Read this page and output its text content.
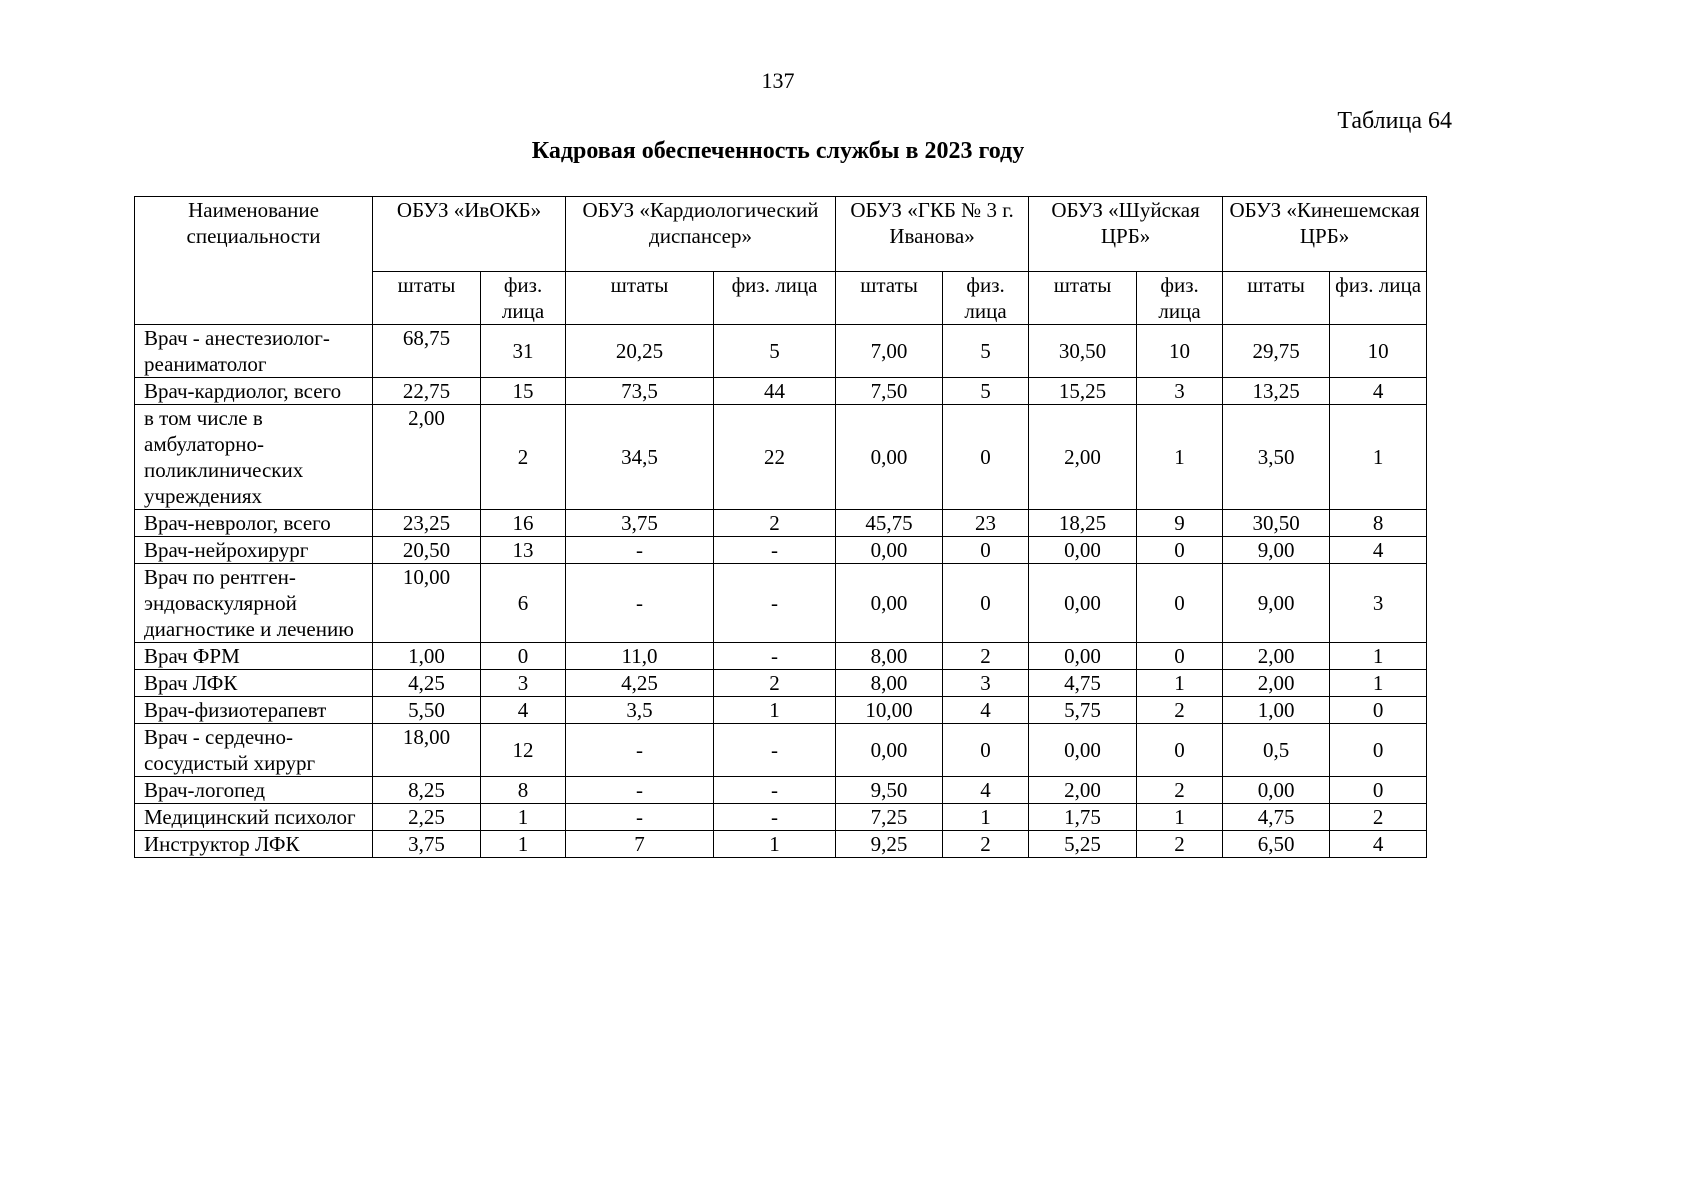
137
Таблица 64
Кадровая обеспеченность службы в 2023 году
Наименование специальности	ОБУЗ «ИвОКБ»		ОБУЗ «Кардиологический диспансер»		ОБУЗ «ГКБ № 3 г. Иванова»		ОБУЗ «Шуйская ЦРБ»		ОБУЗ «Кинешемская ЦРБ»	
	штаты	физ. лица	штаты	физ. лица	штаты	физ. лица	штаты	физ. лица	штаты	физ. лица
Врач - анестезиолог-реаниматолог	68,75	31	20,25	5	7,00	5	30,50	10	29,75	10
Врач-кардиолог, всего	22,75	15	73,5	44	7,50	5	15,25	3	13,25	4
в том числе в амбулаторно-поликлинических учреждениях	2,00	2	34,5	22	0,00	0	2,00	1	3,50	1
Врач-невролог, всего	23,25	16	3,75	2	45,75	23	18,25	9	30,50	8
Врач-нейрохирург	20,50	13	-	-	0,00	0	0,00	0	9,00	4
Врач по рентген-эндоваскулярной диагностике и лечению	10,00	6	-	-	0,00	0	0,00	0	9,00	3
Врач ФРМ	1,00	0	11,0	-	8,00	2	0,00	0	2,00	1
Врач ЛФК	4,25	3	4,25	2	8,00	3	4,75	1	2,00	1
Врач-физиотерапевт	5,50	4	3,5	1	10,00	4	5,75	2	1,00	0
Врач - сердечно-сосудистый хирург	18,00	12	-	-	0,00	0	0,00	0	0,5	0
Врач-логопед	8,25	8	-	-	9,50	4	2,00	2	0,00	0
Медицинский психолог	2,25	1	-	-	7,25	1	1,75	1	4,75	2
Инструктор ЛФК	3,75	1	7	1	9,25	2	5,25	2	6,50	4
